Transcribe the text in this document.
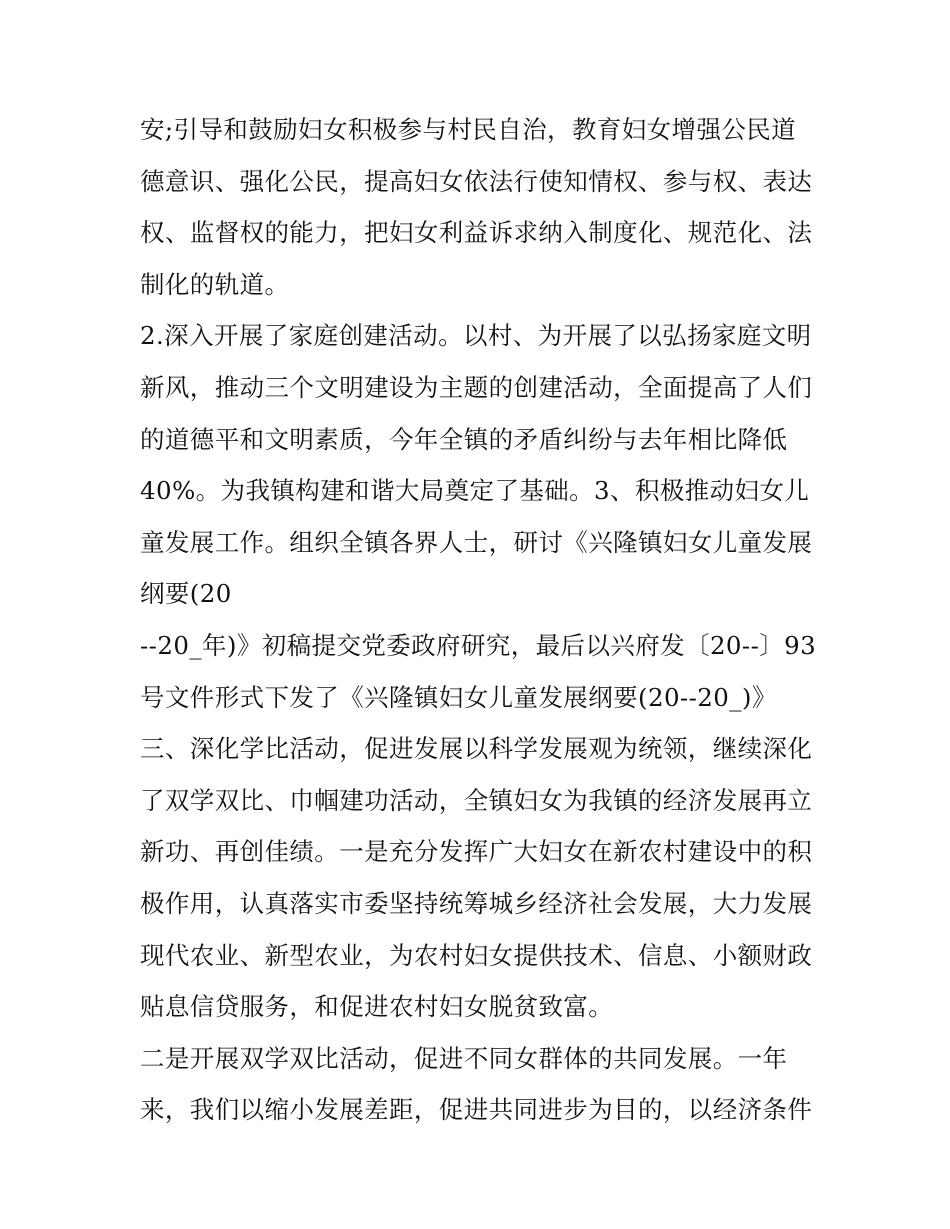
安;引导和鼓励妇女积极参与村民自治，教育妇女增强公民道
德意识、强化公民，提高妇女依法行使知情权、参与权、表达
权、监督权的能力，把妇女利益诉求纳入制度化、规范化、法
制化的轨道。
2.深入开展了家庭创建活动。以村、为开展了以弘扬家庭文明
新风，推动三个文明建设为主题的创建活动，全面提高了人们
的道德平和文明素质，今年全镇的矛盾纠纷与去年相比降低
40%。为我镇构建和谐大局奠定了基础。3、积极推动妇女儿
童发展工作。组织全镇各界人士，研讨《兴隆镇妇女儿童发展
纲要(20
--20_年)》初稿提交党委政府研究，最后以兴府发〔20--〕93
号文件形式下发了《兴隆镇妇女儿童发展纲要(20--20_)》
三、深化学比活动，促进发展以科学发展观为统领，继续深化
了双学双比、巾帼建功活动，全镇妇女为我镇的经济发展再立
新功、再创佳绩。一是充分发挥广大妇女在新农村建设中的积
极作用，认真落实市委坚持统筹城乡经济社会发展，大力发展
现代农业、新型农业，为农村妇女提供技术、信息、小额财政
贴息信贷服务，和促进农村妇女脱贫致富。
二是开展双学双比活动，促进不同女群体的共同发展。一年
来，我们以缩小发展差距，促进共同进步为目的，以经济条件
